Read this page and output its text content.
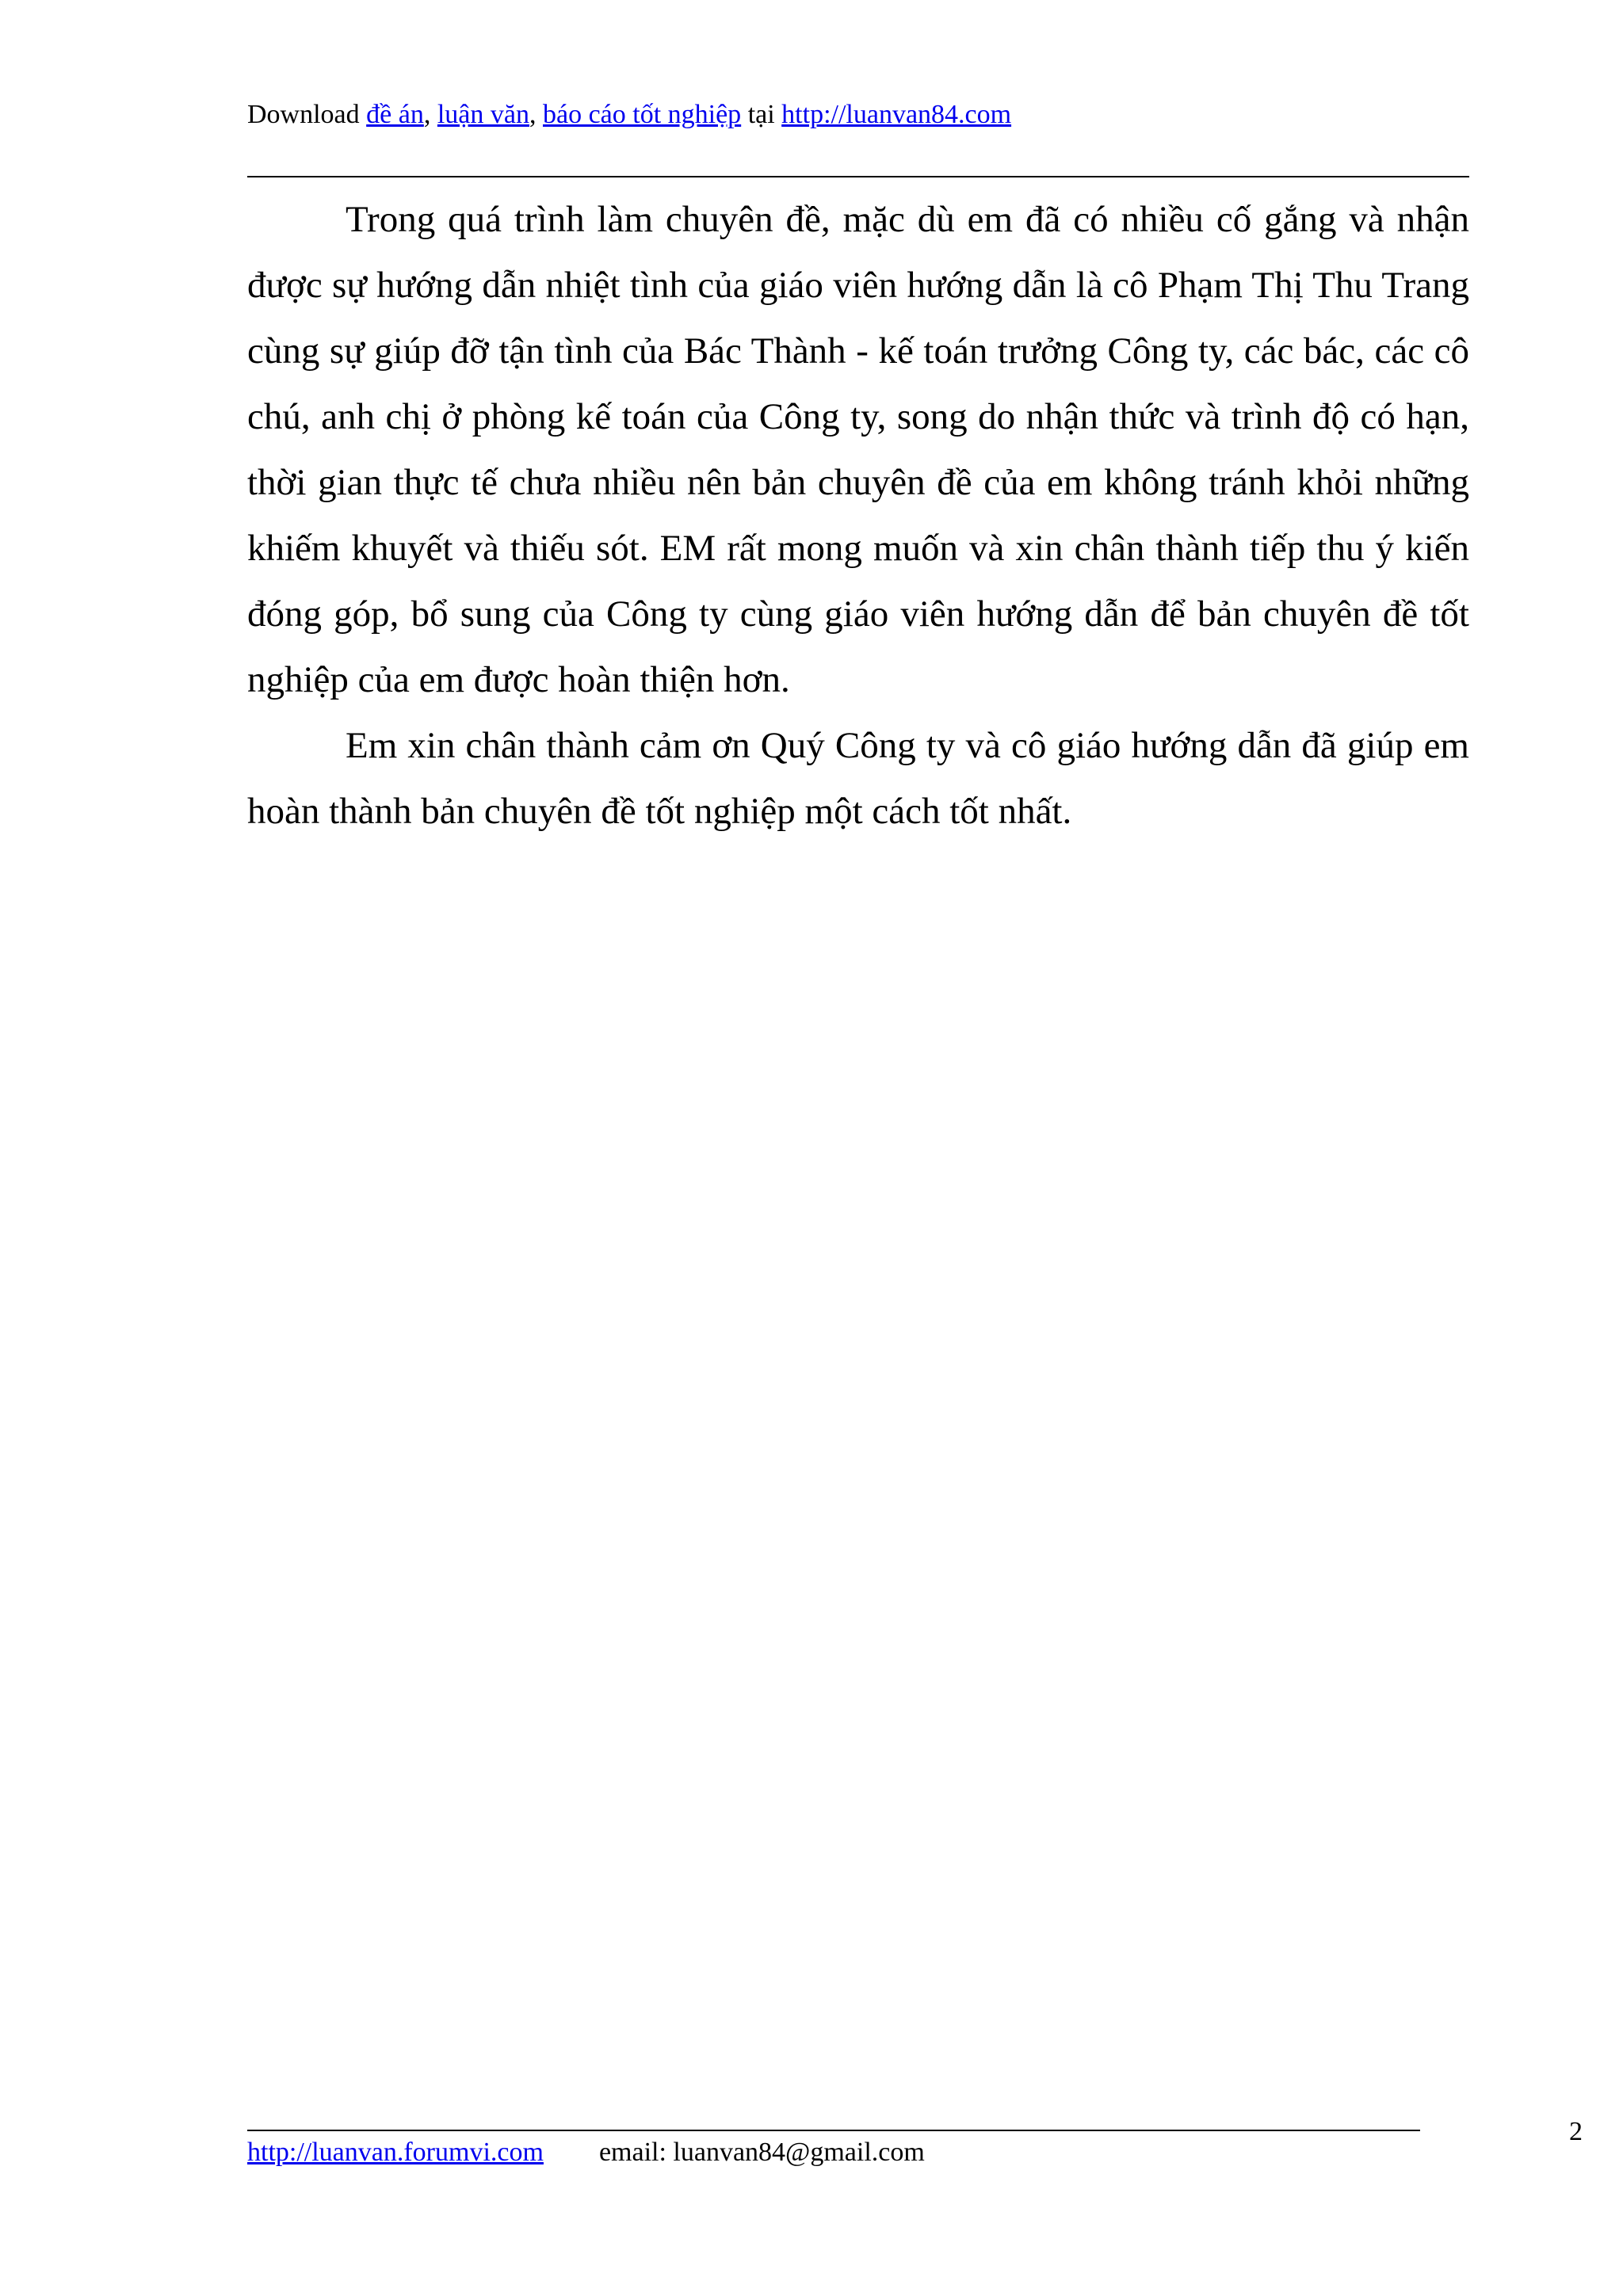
Download đề án, luận văn, báo cáo tốt nghiệp tại http://luanvan84.com

Trong quá trình làm chuyên đề, mặc dù em đã có nhiều cố gắng và nhận được sự hướng dẫn nhiệt tình của giáo viên hướng dẫn là cô Phạm Thị Thu Trang cùng sự giúp đỡ tận tình của Bác Thành - kế toán trưởng Công ty, các bác, các cô chú, anh chị ở phòng kế toán của Công ty, song do nhận thức và trình độ có hạn, thời gian thực tế chưa nhiều nên bản chuyên đề của em không tránh khỏi những khiếm khuyết và thiếu sót. EM rất mong muốn và xin chân thành tiếp thu ý kiến đóng góp, bổ sung của Công ty cùng giáo viên hướng dẫn để bản chuyên đề tốt nghiệp của em được hoàn thiện hơn.

Em xin chân thành cảm ơn Quý Công ty và cô giáo hướng dẫn đã giúp em hoàn thành bản chuyên đề tốt nghiệp một cách tốt nhất.

http://luanvan.forumvi.com email: luanvan84@gmail.com
2
